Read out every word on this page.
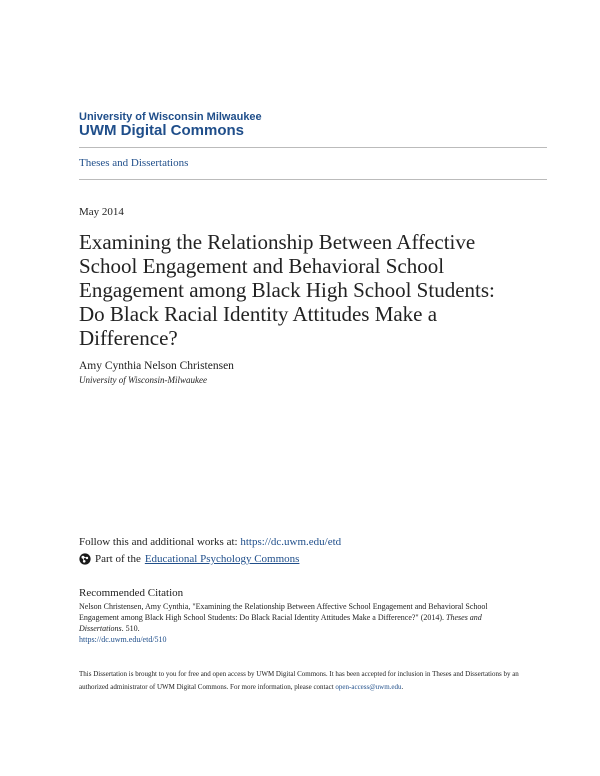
University of Wisconsin Milwaukee
UWM Digital Commons
Theses and Dissertations
May 2014
Examining the Relationship Between Affective School Engagement and Behavioral School Engagement among Black High School Students: Do Black Racial Identity Attitudes Make a Difference?
Amy Cynthia Nelson Christensen
University of Wisconsin-Milwaukee
Follow this and additional works at: https://dc.uwm.edu/etd
Part of the Educational Psychology Commons
Recommended Citation
Nelson Christensen, Amy Cynthia, "Examining the Relationship Between Affective School Engagement and Behavioral School Engagement among Black High School Students: Do Black Racial Identity Attitudes Make a Difference?" (2014). Theses and Dissertations. 510.
https://dc.uwm.edu/etd/510
This Dissertation is brought to you for free and open access by UWM Digital Commons. It has been accepted for inclusion in Theses and Dissertations by an authorized administrator of UWM Digital Commons. For more information, please contact open-access@uwm.edu.
